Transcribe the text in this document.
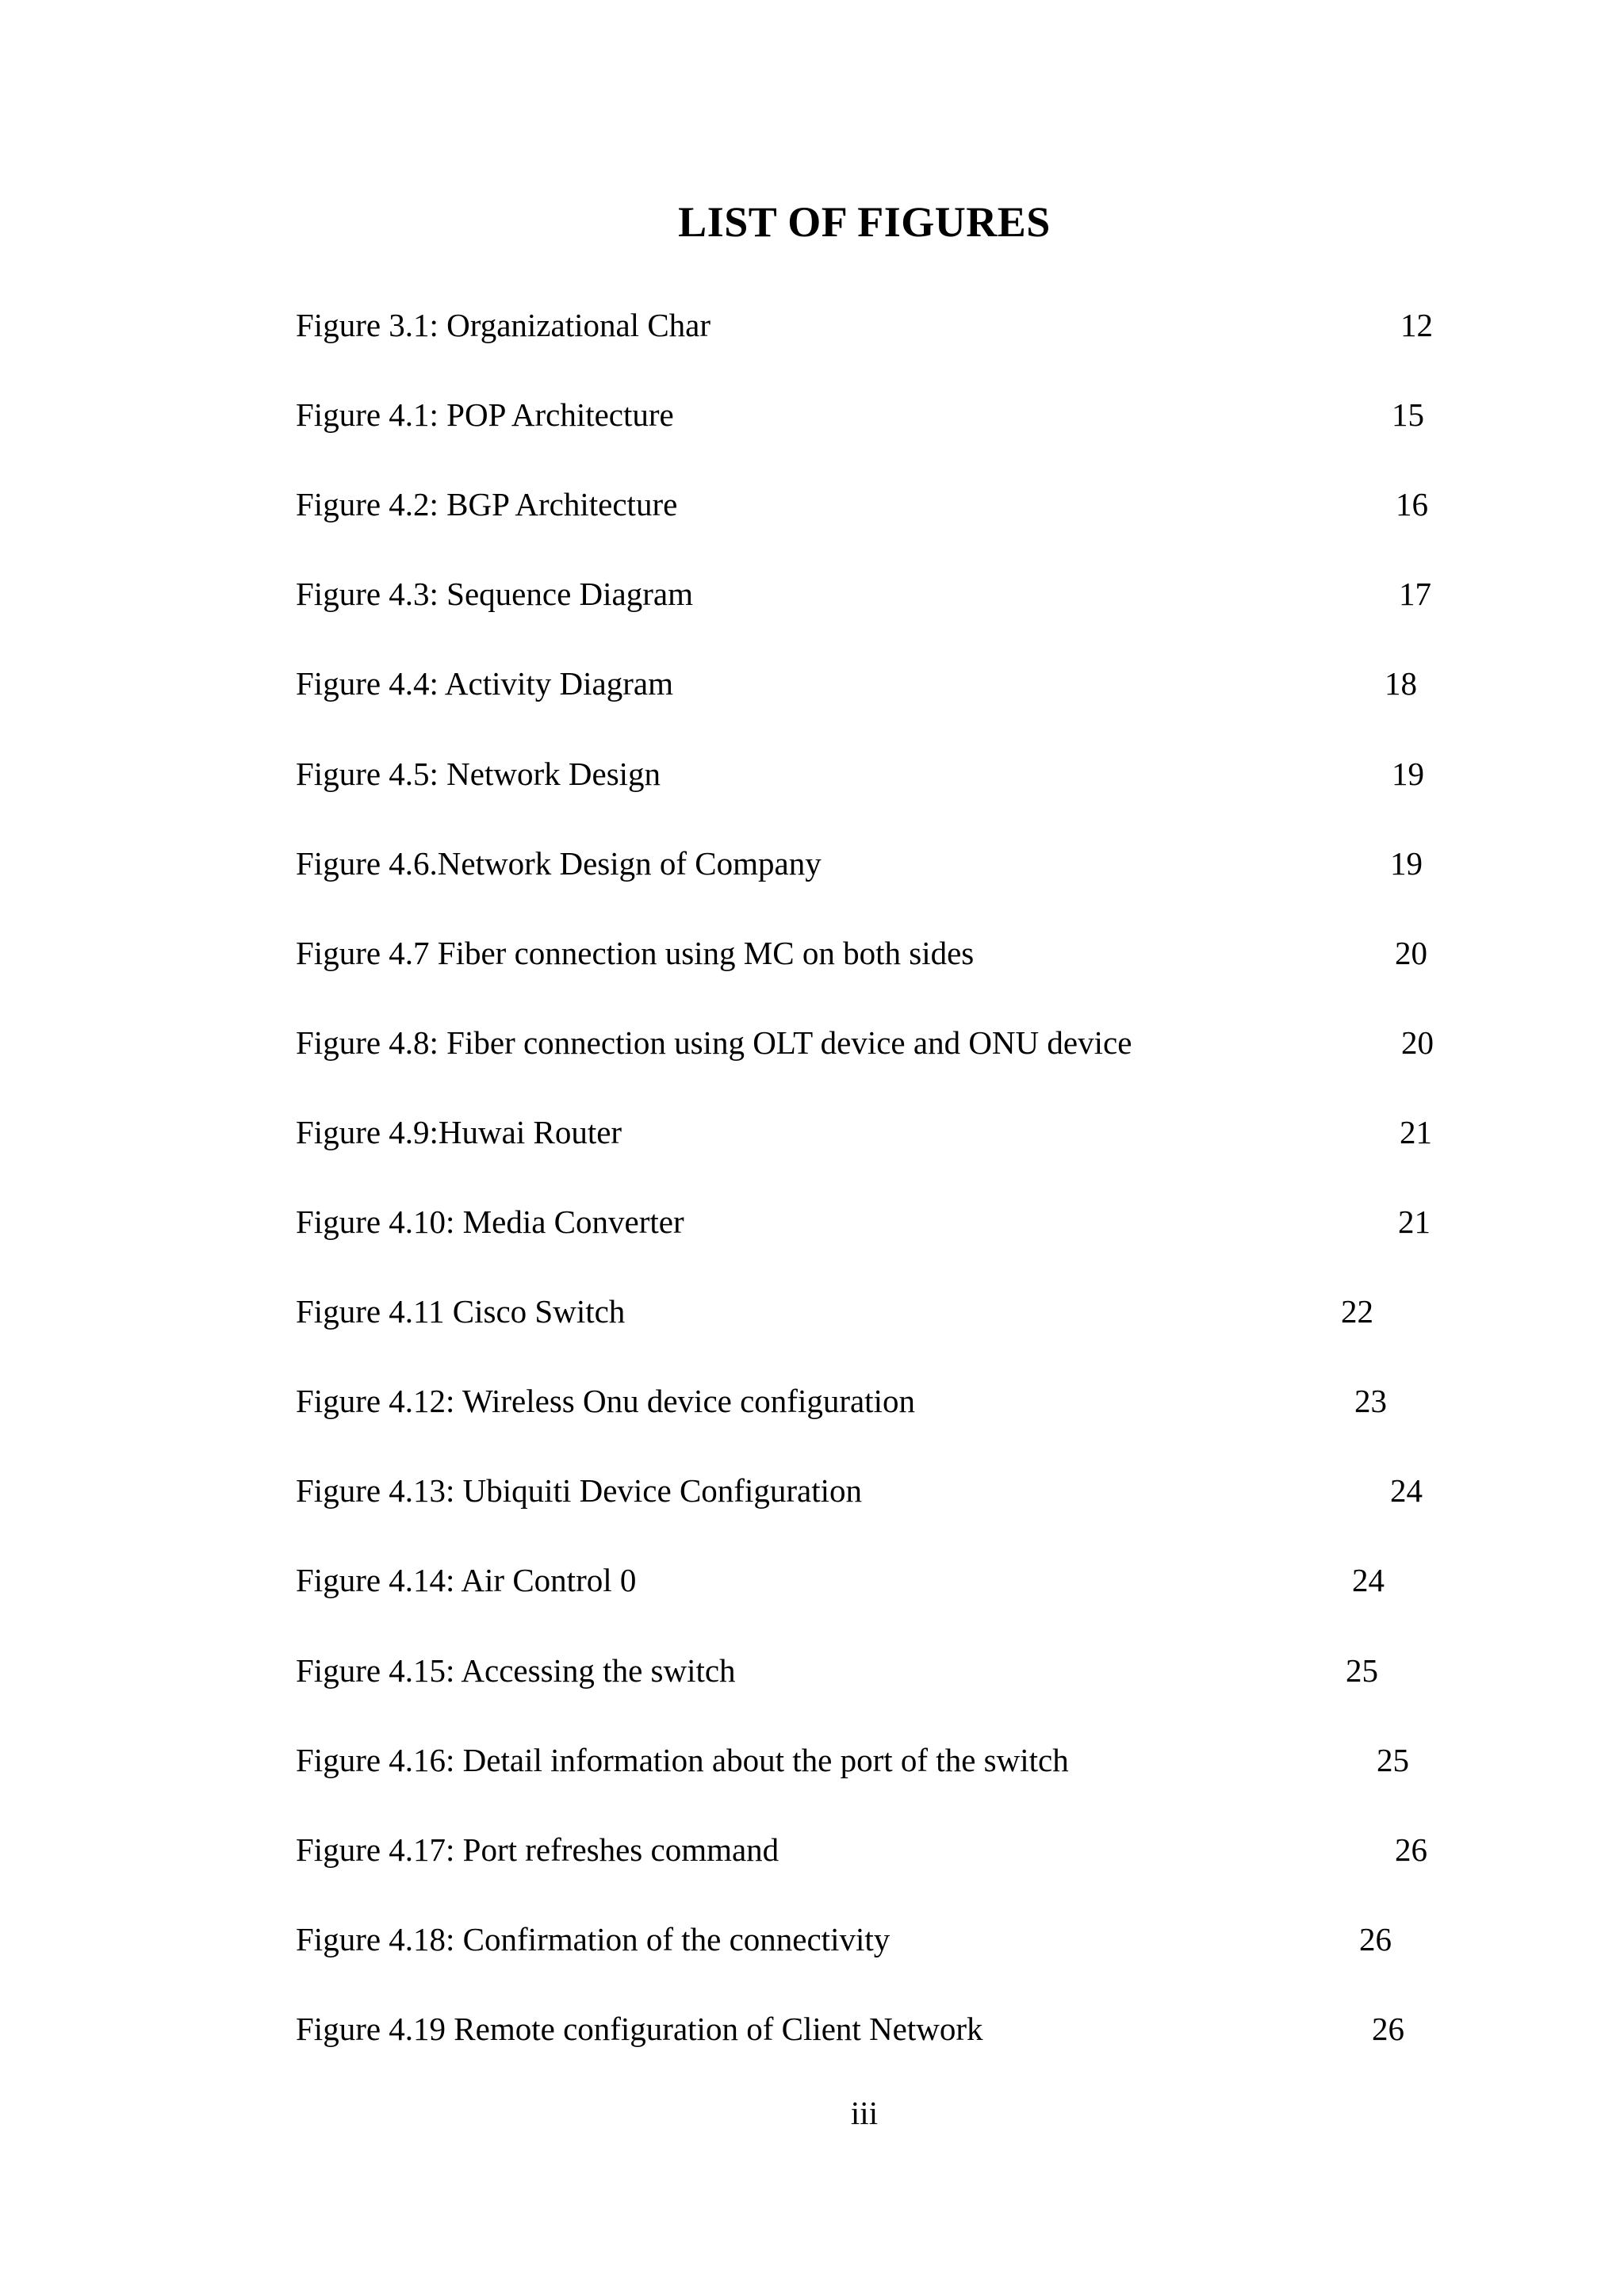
LIST OF FIGURES
Figure 3.1: Organizational Char	12
Figure 4.1: POP Architecture	15
Figure 4.2: BGP Architecture	16
Figure 4.3: Sequence Diagram	17
Figure 4.4: Activity Diagram	18
Figure 4.5: Network Design	19
Figure 4.6.Network Design of Company	19
Figure 4.7 Fiber connection using MC on both sides	20
Figure 4.8: Fiber connection using OLT device and ONU device	20
Figure 4.9:Huwai Router	21
Figure 4.10: Media Converter	21
Figure 4.11 Cisco Switch	22
Figure 4.12: Wireless Onu device configuration	23
Figure 4.13: Ubiquiti Device Configuration	24
Figure 4.14: Air Control 0	24
Figure 4.15: Accessing the switch	25
Figure 4.16: Detail information about the port of the switch	25
Figure 4.17: Port refreshes command	26
Figure 4.18: Confirmation of the connectivity	26
Figure 4.19 Remote configuration of Client Network	26
iii
